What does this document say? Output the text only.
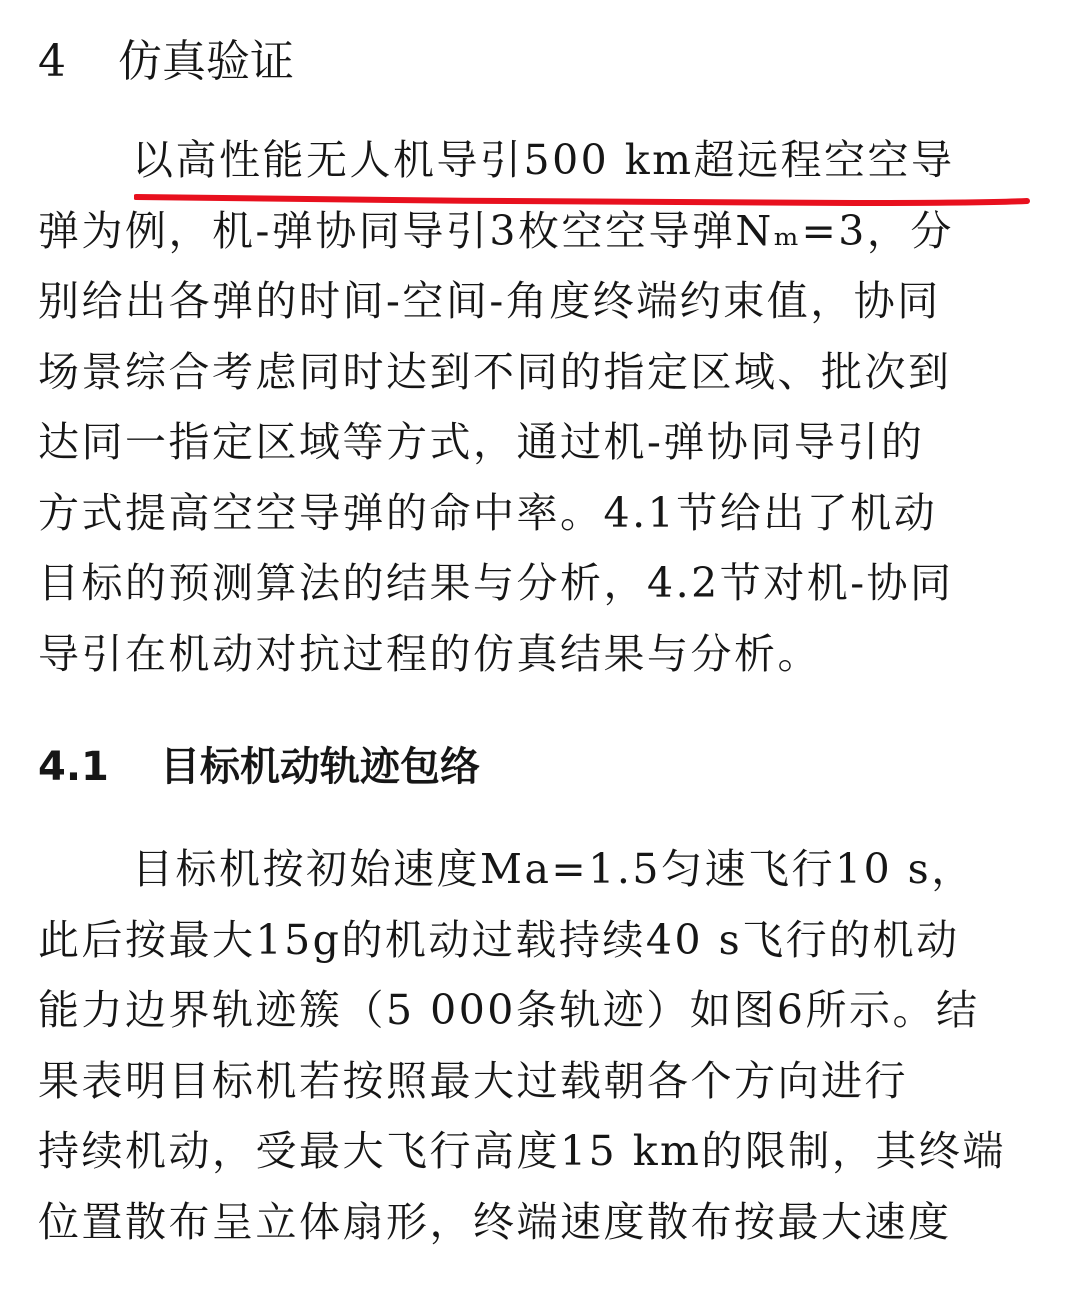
4 仿真验证
以高性能无人机导引500 km超远程空空导
弹为例，机-弹协同导引3枚空空导弹Nₘ=3，分
别给出各弹的时间-空间-角度终端约束值，协同
场景综合考虑同时达到不同的指定区域、批次到
达同一指定区域等方式，通过机-弹协同导引的
方式提高空空导弹的命中率。4.1节给出了机动
目标的预测算法的结果与分析，4.2节对机-协同
导引在机动对抗过程的仿真结果与分析。
4.1 目标机动轨迹包络
目标机按初始速度Ma=1.5匀速飞行10 s，
此后按最大15g的机动过载持续40 s飞行的机动
能力边界轨迹簇（5 000条轨迹）如图6所示。结
果表明目标机若按照最大过载朝各个方向进行
持续机动，受最大飞行高度15 km的限制，其终端
位置散布呈立体扇形，终端速度散布按最大速度
